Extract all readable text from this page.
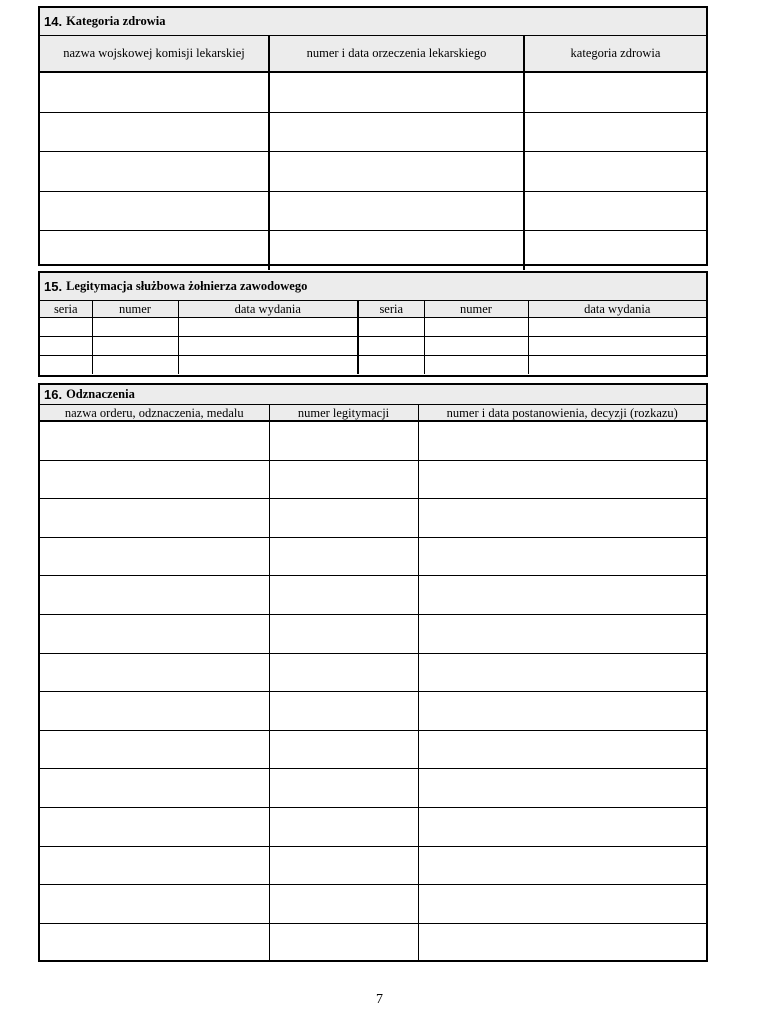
14. Kategoria zdrowia
nazwa wojskowej komisji lekarskiej	numer i data orzeczenia lekarskiego	kategoria zdrowia

15. Legitymacja służbowa żołnierza zawodowego
seria	numer	data wydania	seria	numer	data wydania

16. Odznaczenia
nazwa orderu, odznaczenia, medalu	numer legitymacji	numer i data postanowienia, decyzji (rozkazu)

7
